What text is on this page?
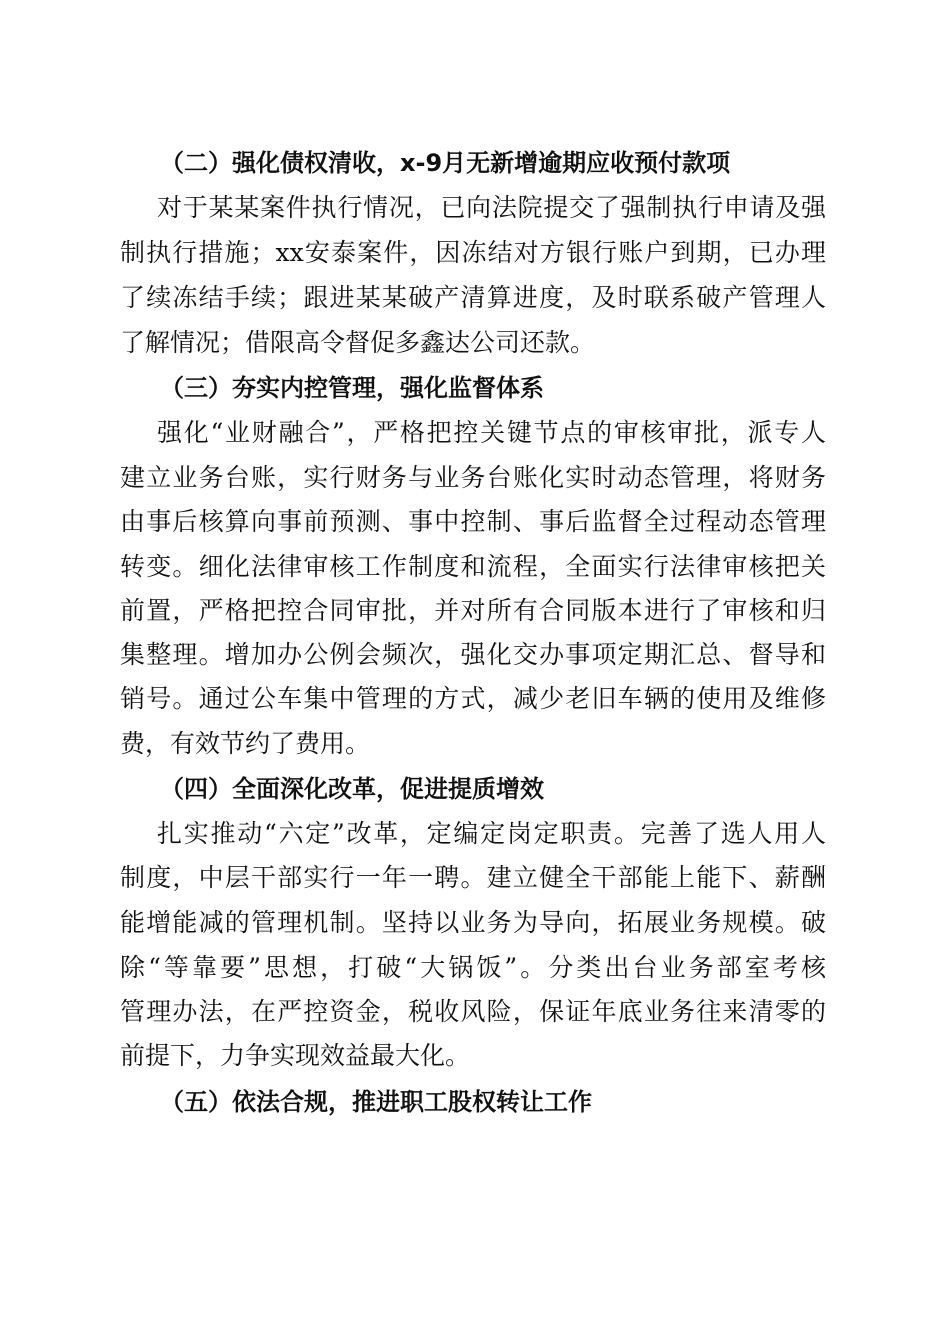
（二）强化债权清收，x-9月无新增逾期应收预付款项
对于某某案件执行情况，已向法院提交了强制执行申请及强
制执行措施；xx安泰案件，因冻结对方银行账户到期，已办理
了续冻结手续；跟进某某破产清算进度，及时联系破产管理人
了解情况；借限高令督促多鑫达公司还款。
（三）夯实内控管理，强化监督体系
强化“业财融合”，严格把控关键节点的审核审批，派专人
建立业务台账，实行财务与业务台账化实时动态管理，将财务
由事后核算向事前预测、事中控制、事后监督全过程动态管理
转变。细化法律审核工作制度和流程，全面实行法律审核把关
前置，严格把控合同审批，并对所有合同版本进行了审核和归
集整理。增加办公例会频次，强化交办事项定期汇总、督导和
销号。通过公车集中管理的方式，减少老旧车辆的使用及维修
费，有效节约了费用。
（四）全面深化改革，促进提质增效
扎实推动“六定”改革，定编定岗定职责。完善了选人用人
制度，中层干部实行一年一聘。建立健全干部能上能下、薪酬
能增能减的管理机制。坚持以业务为导向，拓展业务规模。破
除“等靠要”思想，打破“大锅饭”。分类出台业务部室考核
管理办法，在严控资金，税收风险，保证年底业务往来清零的
前提下，力争实现效益最大化。
（五）依法合规，推进职工股权转让工作
